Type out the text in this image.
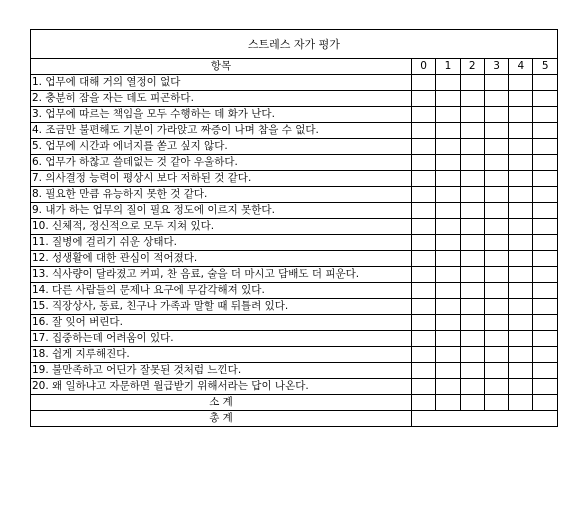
스트레스 자가 평가						
항목	0	1	2	3	4	5
1. 업무에 대해 거의 열정이 없다						
2. 충분히 잠을 자는 데도 피곤하다.						
3. 업무에 따르는 책임을 모두 수행하는 데 화가 난다.						
4. 조금만 불편해도 기분이 가라앉고 짜증이 나며 참을 수 없다.						
5. 업무에 시간과 에너지를 쏟고 싶지 않다.						
6. 업무가 하찮고 쓸데없는 것 같아 우울하다.						
7. 의사결정 능력이 평상시 보다 저하된 것 같다.						
8. 필요한 만큼 유능하지 못한 것 같다.						
9. 내가 하는 업무의 질이 필요 정도에 이르지 못한다.						
10. 신체적, 정신적으로 모두 지쳐 있다.						
11. 질병에 걸리기 쉬운 상태다.						
12. 성생활에 대한 관심이 적어졌다.						
13. 식사량이 달라졌고 커피, 찬 음료, 술을 더 마시고 담배도 더 피운다.						
14. 다른 사람들의 문제나 요구에 무감각해져 있다.						
15. 직장상사, 동료, 친구나 가족과 말할 때 뒤틀려 있다.						
16. 잘 잊어 버린다.						
17. 집중하는데 어려움이 있다.						
18. 쉽게 지루해진다.						
19. 불만족하고 어딘가 잘못된 것처럼 느낀다.						
20. 왜 일하냐고 자문하면 월급받기 위해서라는 답이 나온다.						
소 계						
총 계						
